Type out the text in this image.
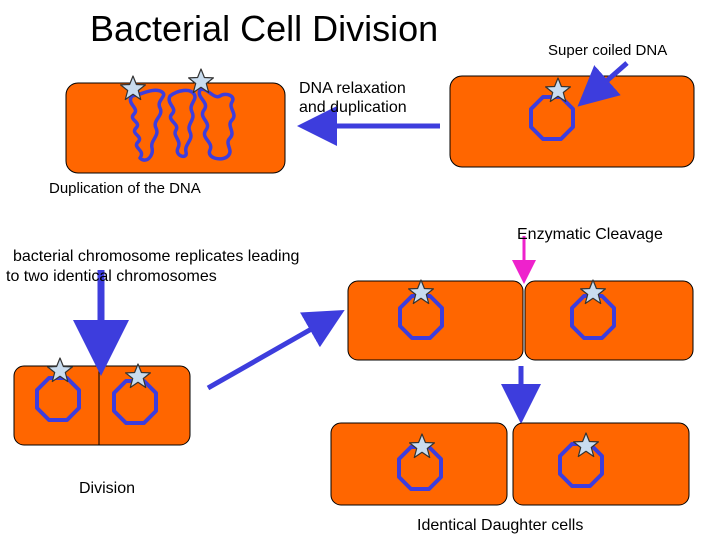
Bacterial Cell Division
Super coiled DNA
DNA relaxation
and duplication
Duplication of the DNA
bacterial chromosome replicates leading
to two identical chromosomes
Enzymatic Cleavage
Division
Identical Daughter cells
